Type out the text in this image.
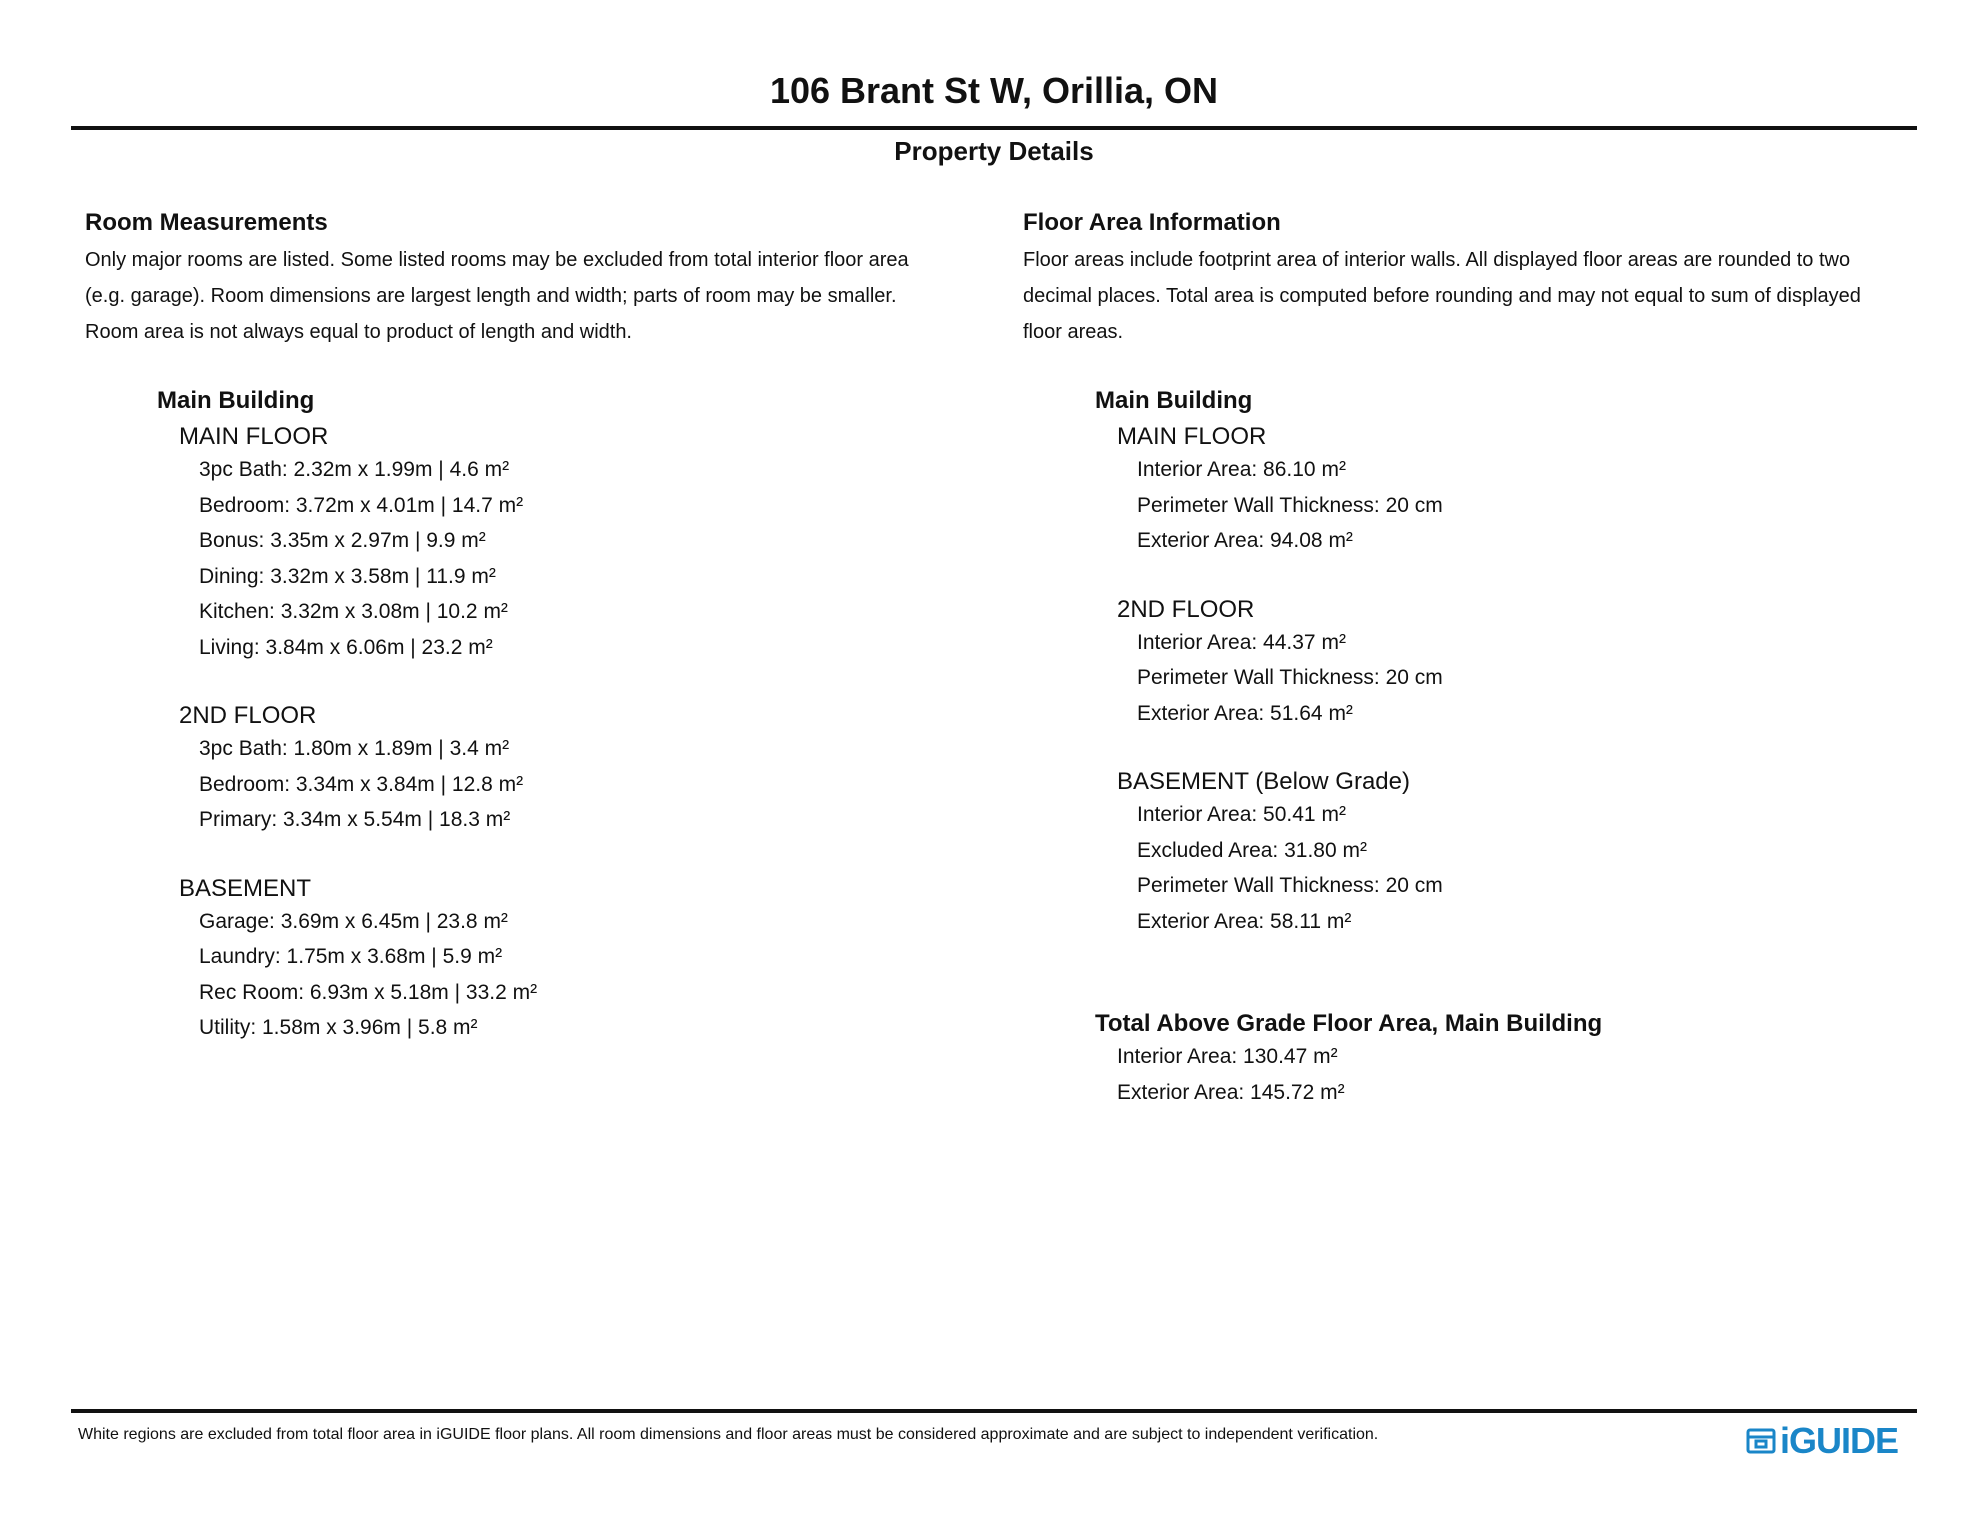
106 Brant St W, Orillia, ON
Property Details
Room Measurements
Only major rooms are listed. Some listed rooms may be excluded from total interior floor area
(e.g. garage). Room dimensions are largest length and width; parts of room may be smaller.
Room area is not always equal to product of length and width.
Main Building
MAIN FLOOR
3pc Bath: 2.32m x 1.99m | 4.6 m²
Bedroom: 3.72m x 4.01m | 14.7 m²
Bonus: 3.35m x 2.97m | 9.9 m²
Dining: 3.32m x 3.58m | 11.9 m²
Kitchen: 3.32m x 3.08m | 10.2 m²
Living: 3.84m x 6.06m | 23.2 m²
2ND FLOOR
3pc Bath: 1.80m x 1.89m | 3.4 m²
Bedroom: 3.34m x 3.84m | 12.8 m²
Primary: 3.34m x 5.54m | 18.3 m²
BASEMENT
Garage: 3.69m x 6.45m | 23.8 m²
Laundry: 1.75m x 3.68m | 5.9 m²
Rec Room: 6.93m x 5.18m | 33.2 m²
Utility: 1.58m x 3.96m | 5.8 m²
Floor Area Information
Floor areas include footprint area of interior walls. All displayed floor areas are rounded to two
decimal places. Total area is computed before rounding and may not equal to sum of displayed
floor areas.
Main Building
MAIN FLOOR
Interior Area: 86.10 m²
Perimeter Wall Thickness: 20 cm
Exterior Area: 94.08 m²
2ND FLOOR
Interior Area: 44.37 m²
Perimeter Wall Thickness: 20 cm
Exterior Area: 51.64 m²
BASEMENT (Below Grade)
Interior Area: 50.41 m²
Excluded Area: 31.80 m²
Perimeter Wall Thickness: 20 cm
Exterior Area: 58.11 m²
Total Above Grade Floor Area, Main Building
Interior Area: 130.47 m²
Exterior Area: 145.72 m²
White regions are excluded from total floor area in iGUIDE floor plans. All room dimensions and floor areas must be considered approximate and are subject to independent verification.	iGUIDE
